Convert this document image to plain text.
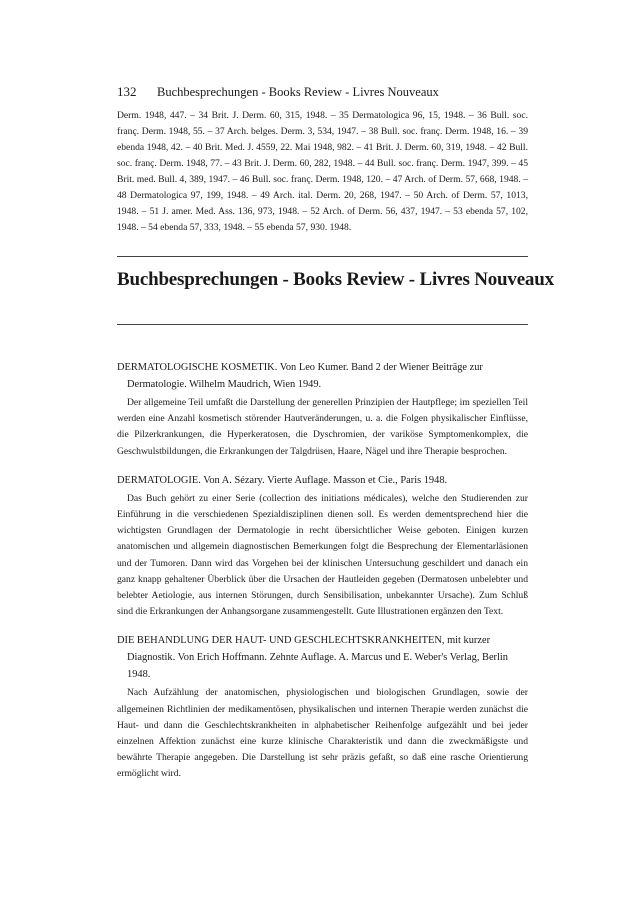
132 Buchbesprechungen - Books Review - Livres Nouveaux
Derm. 1948, 447. – 34 Brit. J. Derm. 60, 315, 1948. – 35 Dermatologica 96, 15, 1948. – 36 Bull. soc. franç. Derm. 1948, 55. – 37 Arch. belges. Derm. 3, 534, 1947. – 38 Bull. soc. franç. Derm. 1948, 16. – 39 ebenda 1948, 42. – 40 Brit. Med. J. 4559, 22. Mai 1948, 982. – 41 Brit. J. Derm. 60, 319, 1948. – 42 Bull. soc. franç. Derm. 1948, 77. – 43 Brit. J. Derm. 60, 282, 1948. – 44 Bull. soc. franç. Derm. 1947, 399. – 45 Brit. med. Bull. 4, 389, 1947. – 46 Bull. soc. franç. Derm. 1948, 120. – 47 Arch. of Derm. 57, 668, 1948. – 48 Dermatologica 97, 199, 1948. – 49 Arch. ital. Derm. 20, 268, 1947. – 50 Arch. of Derm. 57, 1013, 1948. – 51 J. amer. Med. Ass. 136, 973, 1948. – 52 Arch. of Derm. 56, 437, 1947. – 53 ebenda 57, 102, 1948. – 54 ebenda 57, 333, 1948. – 55 ebenda 57, 930. 1948.
Buchbesprechungen - Books Review - Livres Nouveaux
DERMATOLOGISCHE KOSMETIK. Von Leo Kumer. Band 2 der Wiener Beiträge zur Dermatologie. Wilhelm Maudrich, Wien 1949.

Der allgemeine Teil umfaßt die Darstellung der generellen Prinzipien der Hautpflege; im speziellen Teil werden eine Anzahl kosmetisch störender Hautveränderungen, u. a. die Folgen physikalischer Einflüsse, die Pilzerkrankungen, die Hyperkeratosen, die Dyschromien, der variköse Symptomenkomplex, die Geschwulstbildungen, die Erkrankungen der Talgdrüsen, Haare, Nägel und ihre Therapie besprochen.

DERMATOLOGIE. Von A. Sézary. Vierte Auflage. Masson et Cie., Paris 1948.

Das Buch gehört zu einer Serie (collection des initiations médicales), welche den Studierenden zur Einführung in die verschiedenen Spezialdisziplinen dienen soll. Es werden dementsprechend hier die wichtigsten Grundlagen der Dermatologie in recht übersichtlicher Weise geboten. Einigen kurzen anatomischen und allgemein diagnostischen Bemerkungen folgt die Besprechung der Elementarläsionen und der Tumoren. Dann wird das Vorgehen bei der klinischen Untersuchung geschildert und danach ein ganz knapp gehaltener Überblick über die Ursachen der Hautleiden gegeben (Dermatosen unbelebter und belebter Aetiologie, aus internen Störungen, durch Sensibilisation, unbekannter Ursache). Zum Schluß sind die Erkrankungen der Anhangsorgane zusammengestellt. Gute Illustrationen ergänzen den Text.

DIE BEHANDLUNG DER HAUT- UND GESCHLECHTSKRANKHEITEN, mit kurzer Diagnostik. Von Erich Hoffmann. Zehnte Auflage. A. Marcus und E. Weber's Verlag, Berlin 1948.

Nach Aufzählung der anatomischen, physiologischen und biologischen Grundlagen, sowie der allgemeinen Richtlinien der medikamentösen, physikalischen und internen Therapie werden zunächst die Haut- und dann die Geschlechtskrankheiten in alphabetischer Reihenfolge aufgezählt und bei jeder einzelnen Affektion zunächst eine kurze klinische Charakteristik und dann die zweckmäßigste und bewährte Therapie angegeben. Die Darstellung ist sehr präzis gefaßt, so daß eine rasche Orientierung ermöglicht wird.
